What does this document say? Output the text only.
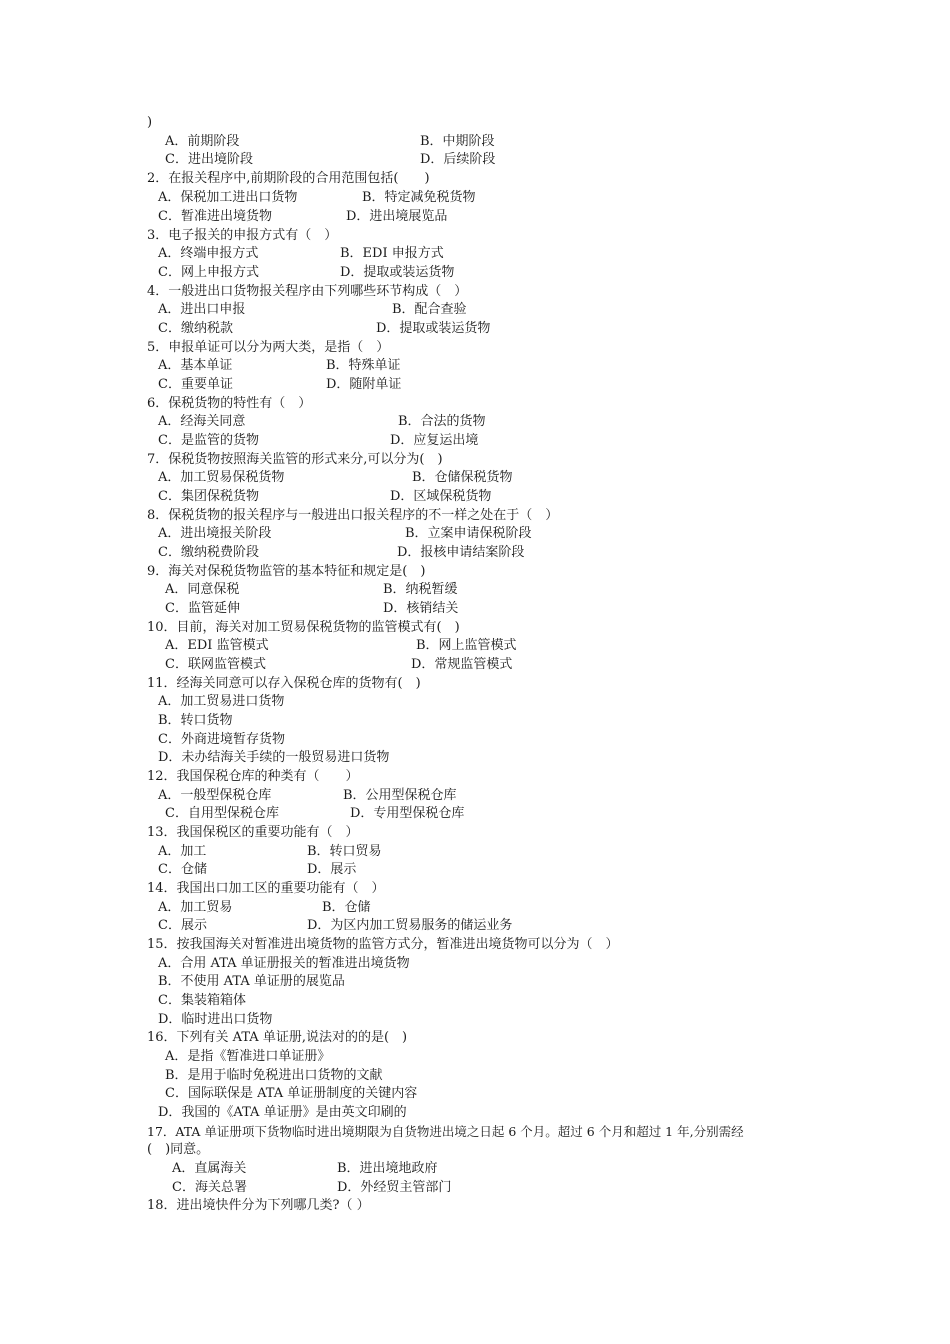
)
A．前期阶段	B．中期阶段
C．进出境阶段	D．后续阶段
2．在报关程序中,前期阶段的合用范围包括(　　)
A．保税加工进出口货物	B．特定减免税货物
C．暂准进出境货物	D．进出境展览品
3．电子报关的申报方式有（　）
A．终端申报方式	B．EDI 申报方式
C．网上申报方式	D．提取或装运货物
4．一般进出口货物报关程序由下列哪些环节构成（　）
A．进出口申报	B．配合查验
C．缴纳税款	D．提取或装运货物
5．申报单证可以分为两大类，是指（　）
A．基本单证	B．特殊单证
C．重要单证	D．随附单证
6．保税货物的特性有（　）
A．经海关同意	B．合法的货物
C．是监管的货物	D．应复运出境
7．保税货物按照海关监管的形式来分,可以分为(　)
A．加工贸易保税货物	B．仓储保税货物
C．集团保税货物	D．区域保税货物
8．保税货物的报关程序与一般进出口报关程序的不一样之处在于（　）
A．进出境报关阶段	B．立案申请保税阶段
C．缴纳税费阶段	D．报核申请结案阶段
9．海关对保税货物监管的基本特征和规定是(　)
A．同意保税	B．纳税暂缓
C．监管延伸	D．核销结关
10．目前，海关对加工贸易保税货物的监管模式有(　)
A．EDI 监管模式	B．网上监管模式
C．联网监管模式	D．常规监管模式
11．经海关同意可以存入保税仓库的货物有(　)
A．加工贸易进口货物
B．转口货物
C．外商进境暂存货物
D．未办结海关手续的一般贸易进口货物
12．我国保税仓库的种类有（　　）
A．一般型保税仓库	B．公用型保税仓库
C．自用型保税仓库	D．专用型保税仓库
13．我国保税区的重要功能有（　）
A．加工	B．转口贸易
C．仓储	D．展示
14．我国出口加工区的重要功能有（　）
A．加工贸易	B．仓储
C．展示	D．为区内加工贸易服务的储运业务
15．按我国海关对暂准进出境货物的监管方式分，暂准进出境货物可以分为（　）
A．合用 ATA 单证册报关的暂准进出境货物
B．不使用 ATA 单证册的展览品
C．集装箱箱体
D．临时进出口货物
16．下列有关 ATA 单证册,说法对的的是(　)
A．是指《暂准进口单证册》
B．是用于临时免税进出口货物的文献
C．国际联保是 ATA 单证册制度的关键内容
D．我国的《ATA 单证册》是由英文印刷的
17．ATA 单证册项下货物临时进出境期限为自货物进出境之日起 6 个月。超过 6 个月和超过 1 年,分别需经
(　)同意。
A．直属海关	B．进出境地政府
C．海关总署	D．外经贸主管部门
18．进出境快件分为下列哪几类?（ ）
